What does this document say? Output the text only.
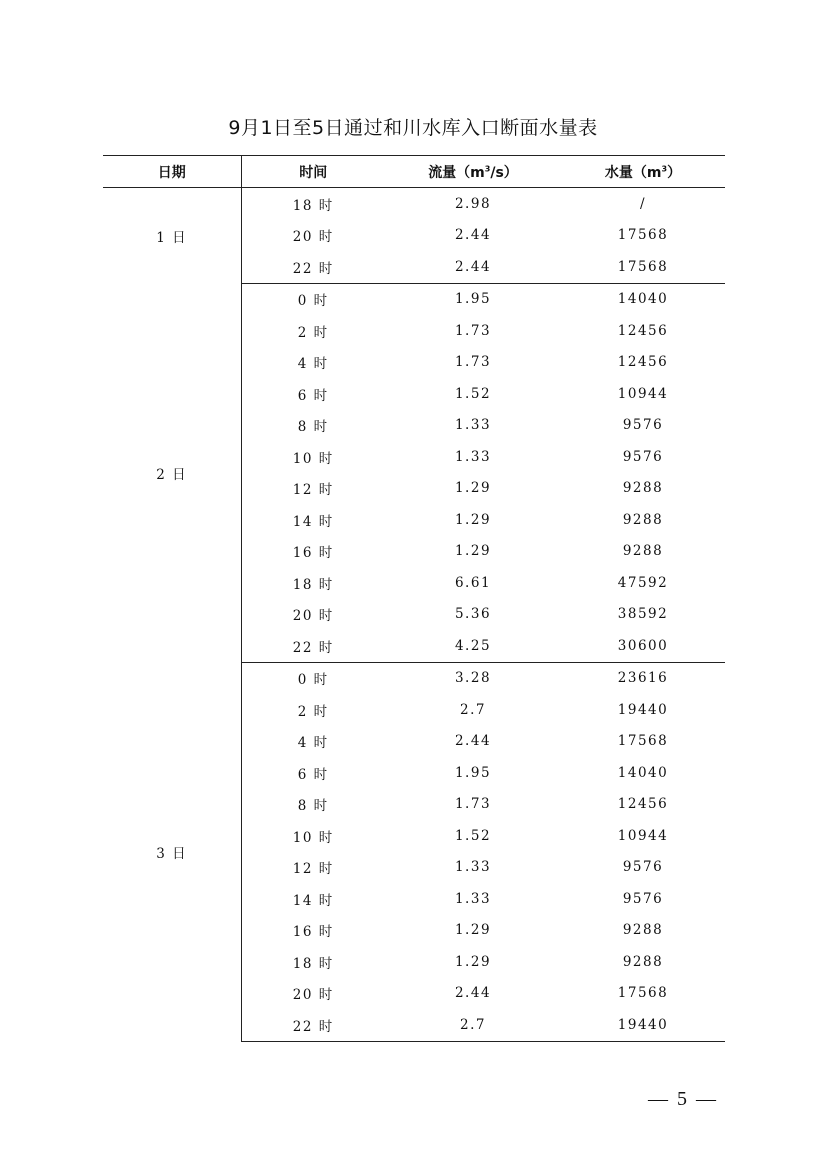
9月1日至5日通过和川水库入口断面水量表
日期	时间	流量$(m^3/s)$	水量$(m^3)$
1 日	18 时	2.98	/
	20 时	2.44	17568
	22 时	2.44	17568
2 日	0 时	1.95	14040
	2 时	1.73	12456
	4 时	1.73	12456
	6 时	1.52	10944
	8 时	1.33	9576
	10 时	1.33	9576
	12 时	1.29	9288
	14 时	1.29	9288
	16 时	1.29	9288
	18 时	6.61	47592
	20 时	5.36	38592
	22 时	4.25	30600
3 日	0 时	3.28	23616
	2 时	2.7	19440
	4 时	2.44	17568
	6 时	1.95	14040
	8 时	1.73	12456
	10 时	1.52	10944
	12 时	1.33	9576
	14 时	1.33	9576
	16 时	1.29	9288
	18 时	1.29	9288
	20 时	2.44	17568
	22 时	2.7	19440
— 5 —
